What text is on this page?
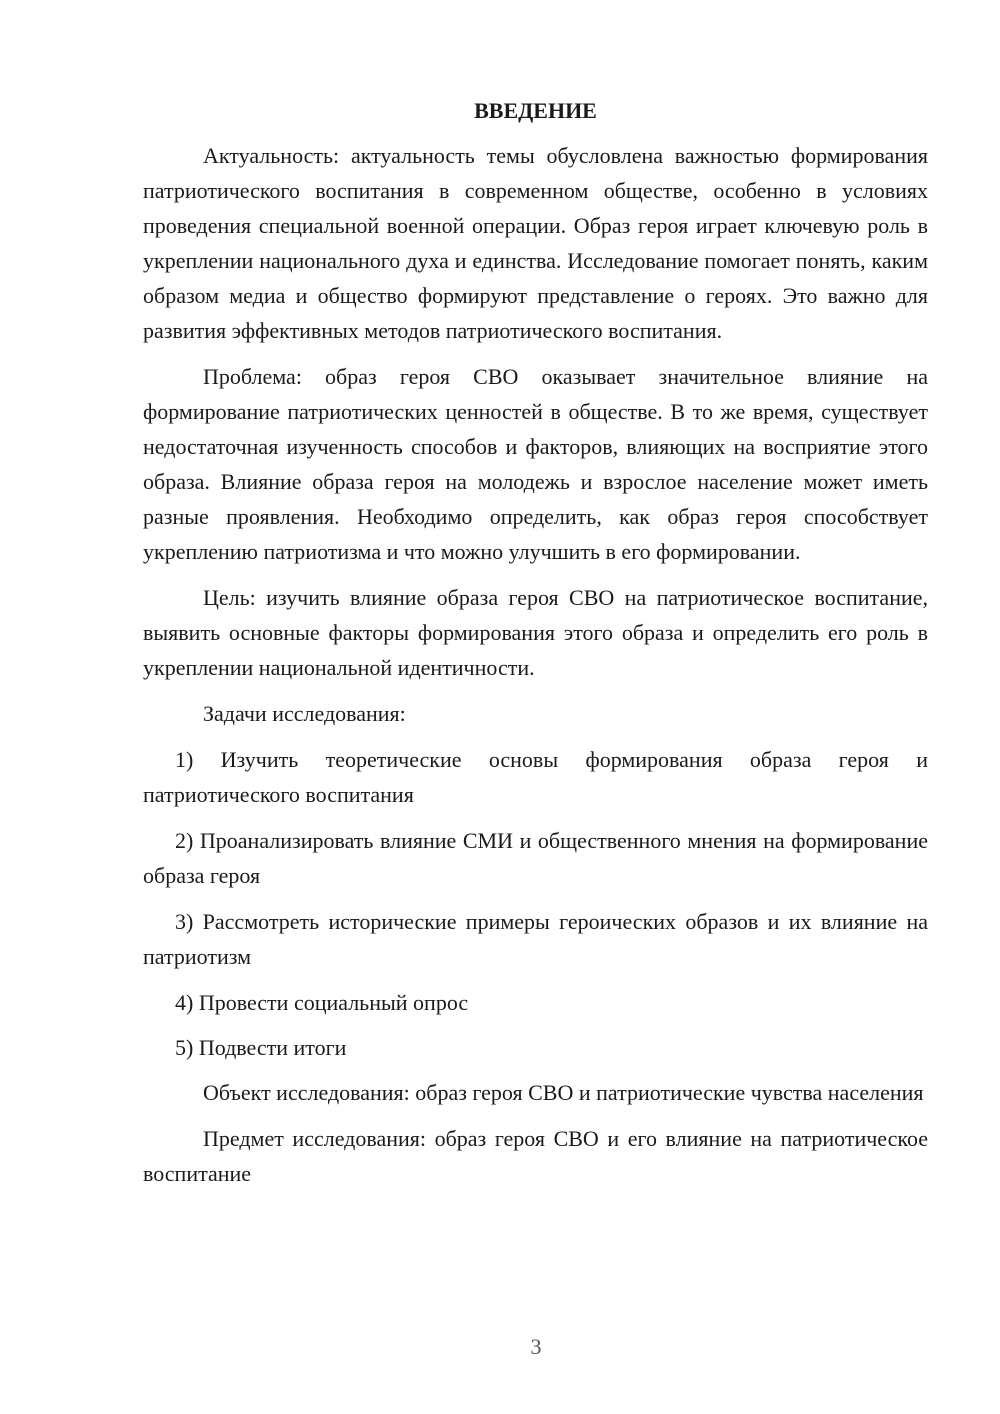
ВВЕДЕНИЕ

Актуальность: актуальность темы обусловлена важностью формирования патриотического воспитания в современном обществе, особенно в условиях проведения специальной военной операции. Образ героя играет ключевую роль в укреплении национального духа и единства. Исследование помогает понять, каким образом медиа и общество формируют представление о героях. Это важно для развития эффективных методов патриотического воспитания.

Проблема: образ героя СВО оказывает значительное влияние на формирование патриотических ценностей в обществе. В то же время, существует недостаточная изученность способов и факторов, влияющих на восприятие этого образа. Влияние образа героя на молодежь и взрослое население может иметь разные проявления. Необходимо определить, как образ героя способствует укреплению патриотизма и что можно улучшить в его формировании.

Цель: изучить влияние образа героя СВО на патриотическое воспитание, выявить основные факторы формирования этого образа и определить его роль в укреплении национальной идентичности.

Задачи исследования:

1) Изучить теоретические основы формирования образа героя и патриотического воспитания

2) Проанализировать влияние СМИ и общественного мнения на формирование образа героя

3) Рассмотреть исторические примеры героических образов и их влияние на патриотизм

4) Провести социальный опрос

5) Подвести итоги

Объект исследования: образ героя СВО и патриотические чувства населения

Предмет исследования: образ героя СВО и его влияние на патриотическое воспитание

3
